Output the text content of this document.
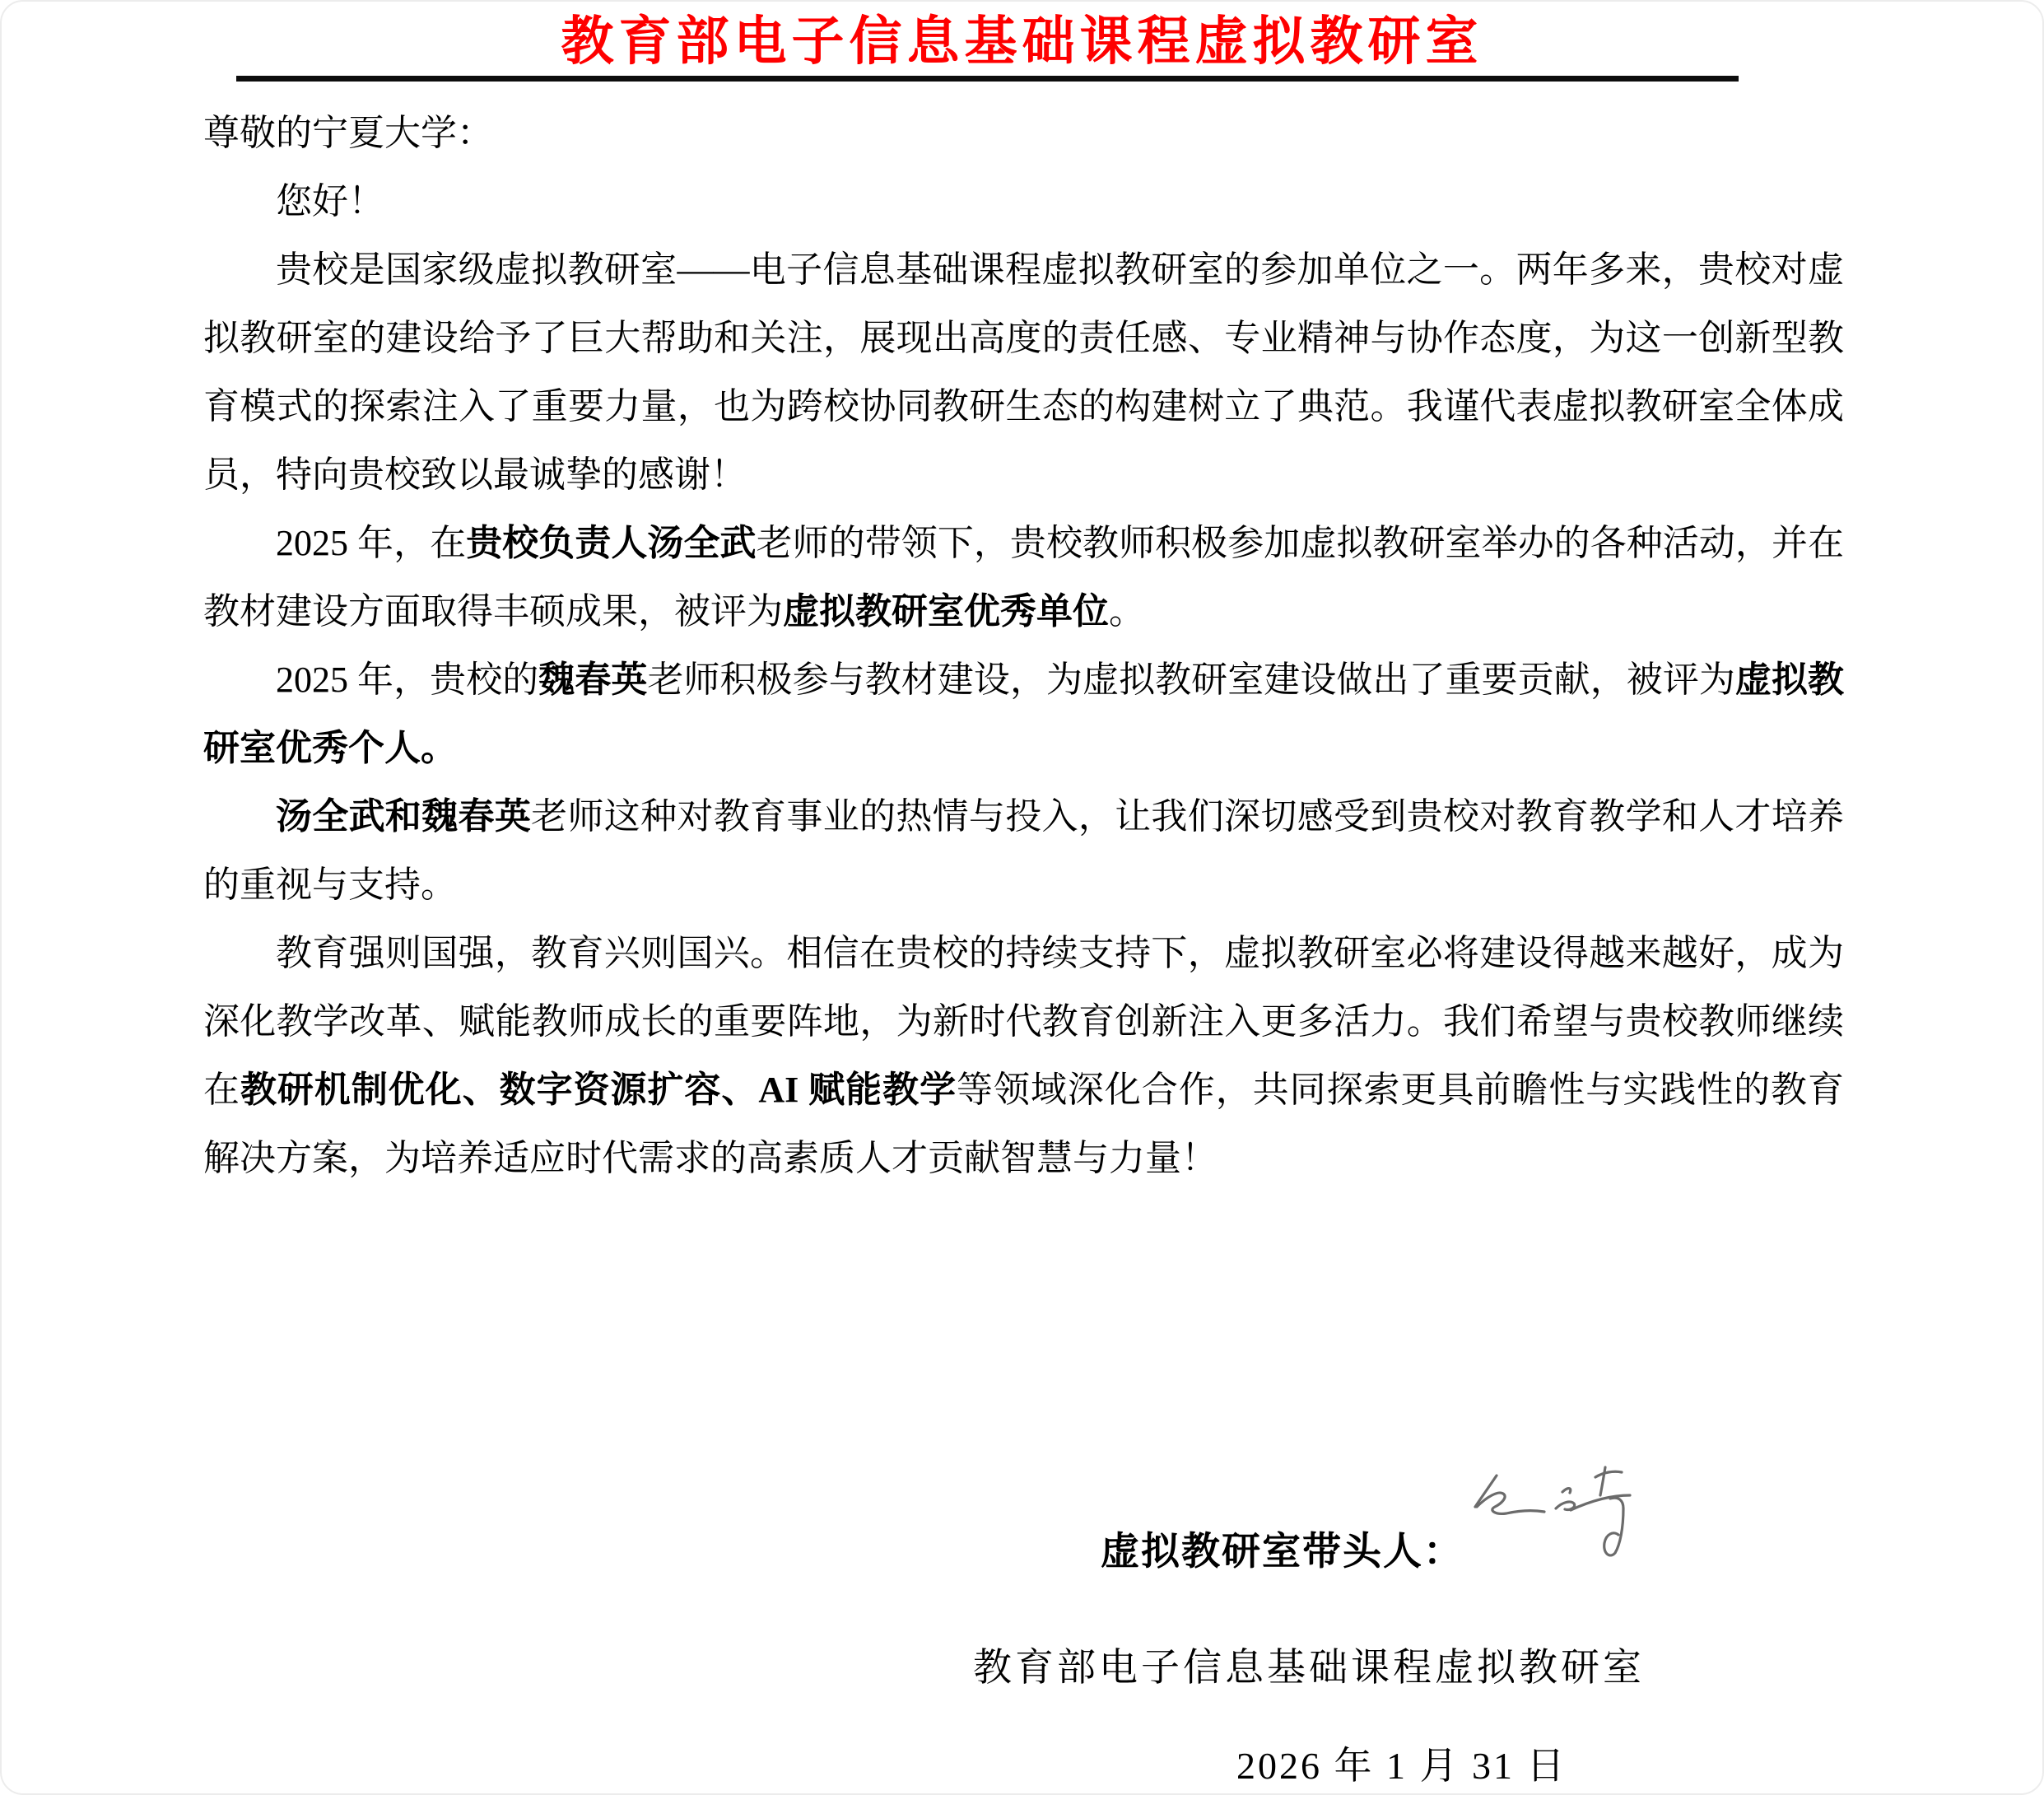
教育部电子信息基础课程虚拟教研室

尊敬的宁夏大学：

您好！

贵校是国家级虚拟教研室——电子信息基础课程虚拟教研室的参加单位之一。两年多来，贵校对虚拟教研室的建设给予了巨大帮助和关注，展现出高度的责任感、专业精神与协作态度，为这一创新型教育模式的探索注入了重要力量，也为跨校协同教研生态的构建树立了典范。我谨代表虚拟教研室全体成员，特向贵校致以最诚挚的感谢！

2025 年，在贵校负责人汤全武老师的带领下，贵校教师积极参加虚拟教研室举办的各种活动，并在教材建设方面取得丰硕成果，被评为虚拟教研室优秀单位。

2025 年，贵校的魏春英老师积极参与教材建设，为虚拟教研室建设做出了重要贡献，被评为虚拟教研室优秀个人。

汤全武和魏春英老师这种对教育事业的热情与投入，让我们深切感受到贵校对教育教学和人才培养的重视与支持。

教育强则国强，教育兴则国兴。相信在贵校的持续支持下，虚拟教研室必将建设得越来越好，成为深化教学改革、赋能教师成长的重要阵地，为新时代教育创新注入更多活力。我们希望与贵校教师继续在教研机制优化、数字资源扩容、AI 赋能教学等领域深化合作，共同探索更具前瞻性与实践性的教育解决方案，为培养适应时代需求的高素质人才贡献智慧与力量！

虚拟教研室带头人：
教育部电子信息基础课程虚拟教研室
2026 年 1 月 31 日
